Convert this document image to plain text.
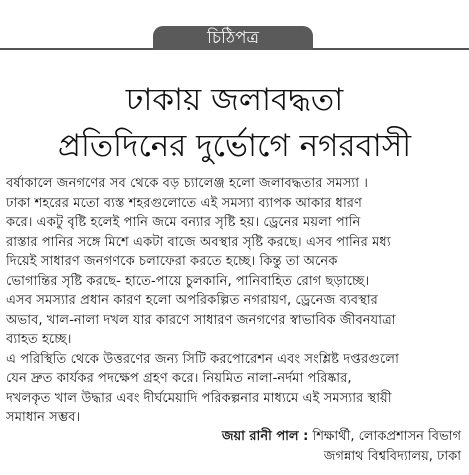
চিঠিপত্র
ঢাকায় জলাবদ্ধতা
প্রতিদিনের দুর্ভোগে নগরবাসী
বর্ষাকালে জনগণের সব থেকে বড় চ্যালেঞ্জ হলো জলাবদ্ধতার সমস্যা ।
ঢাকা শহরের মতো ব্যস্ত শহরগুলোতে এই সমস্যা ব্যাপক আকার ধারণ
করে। একটু বৃষ্টি হলেই পানি জমে বন্যার সৃষ্টি হয়। ড্রেনের ময়লা পানি
রাস্তার পানির সঙ্গে মিশে একটা বাজে অবস্থার সৃষ্টি করছে। এসব পানির মধ্য
দিয়েই সাধারণ জনগণকে চলাফেরা করতে হচ্ছে। কিন্তু তা অনেক
ভোগান্তির সৃষ্টি করছে- হাতে-পায়ে চুলকানি, পানিবাহিত রোগ ছড়াচ্ছে।
এসব সমস্যার প্রধান কারণ হলো অপরিকল্পিত নগরায়ণ, ড্রেনেজ ব্যবস্থার
অভাব, খাল-নালা দখল যার কারণে সাধারণ জনগণের স্বাভাবিক জীবনযাত্রা
ব্যাহত হচ্ছে।
এ পরিস্থিতি থেকে উত্তরণের জন্য সিটি করপোরেশন এবং সংশ্লিষ্ট দপ্তরগুলো
যেন দ্রুত কার্যকর পদক্ষেপ গ্রহণ করে। নিয়মিত নালা-নর্দমা পরিষ্কার,
দখলকৃত খাল উদ্ধার এবং দীর্ঘমেয়াদি পরিকল্পনার মাধ্যমে এই সমস্যার স্থায়ী
সমাধান সম্ভব।
জয়া রানী পাল : শিক্ষার্থী, লোকপ্রশাসন বিভাগ
জগন্নাথ বিশ্ববিদ্যালয়, ঢাকা
